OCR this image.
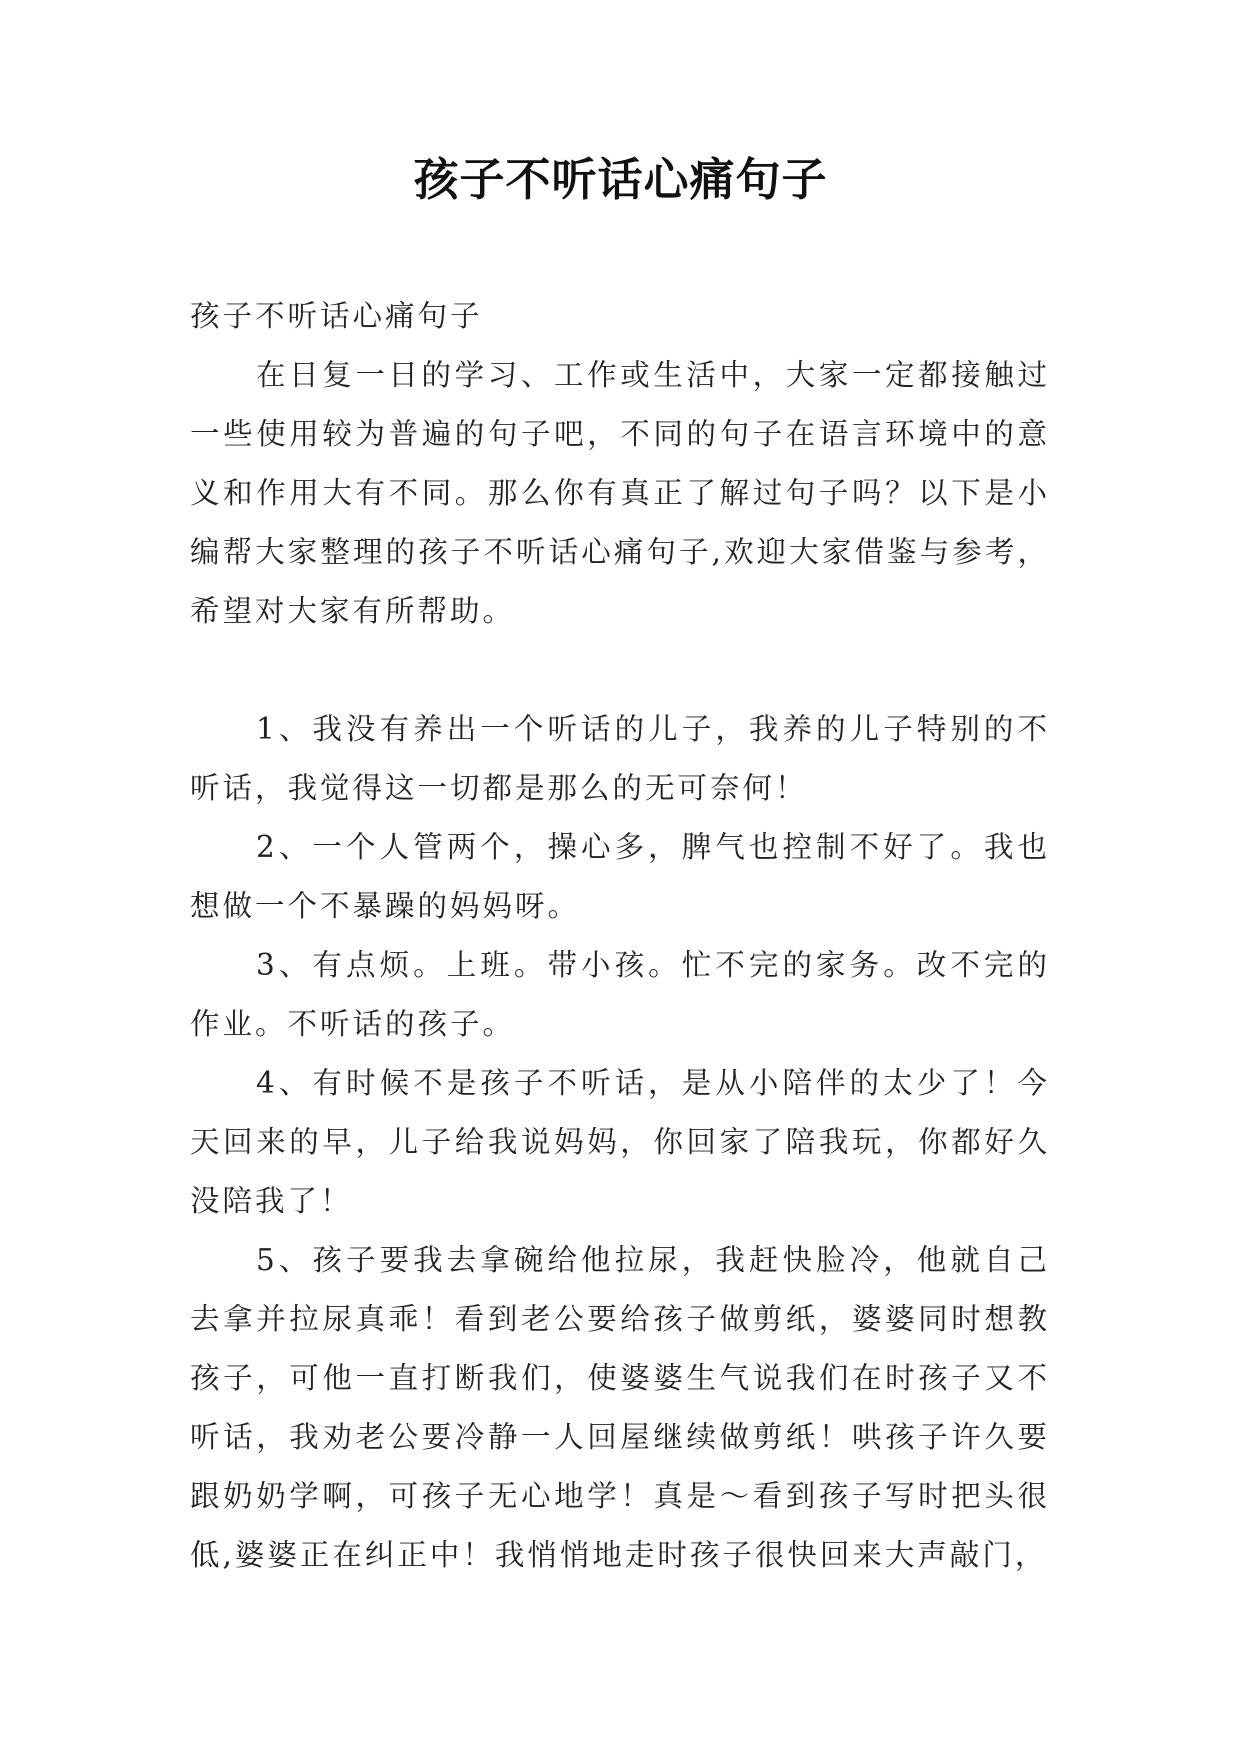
孩子不听话心痛句子

孩子不听话心痛句子

在日复一日的学习、工作或生活中，大家一定都接触过一些使用较为普遍的句子吧，不同的句子在语言环境中的意义和作用大有不同。那么你有真正了解过句子吗？以下是小编帮大家整理的孩子不听话心痛句子,欢迎大家借鉴与参考，希望对大家有所帮助。

1、我没有养出一个听话的儿子，我养的儿子特别的不听话，我觉得这一切都是那么的无可奈何！

2、一个人管两个，操心多，脾气也控制不好了。我也想做一个不暴躁的妈妈呀。

3、有点烦。上班。带小孩。忙不完的家务。改不完的作业。不听话的孩子。

4、有时候不是孩子不听话，是从小陪伴的太少了！今天回来的早，儿子给我说妈妈，你回家了陪我玩，你都好久没陪我了！

5、孩子要我去拿碗给他拉尿，我赶快脸冷，他就自己去拿并拉尿真乖！看到老公要给孩子做剪纸，婆婆同时想教孩子，可他一直打断我们，使婆婆生气说我们在时孩子又不听话，我劝老公要冷静一人回屋继续做剪纸！哄孩子许久要跟奶奶学啊，可孩子无心地学！真是～看到孩子写时把头很低,婆婆正在纠正中！我悄悄地走时孩子很快回来大声敲门，
